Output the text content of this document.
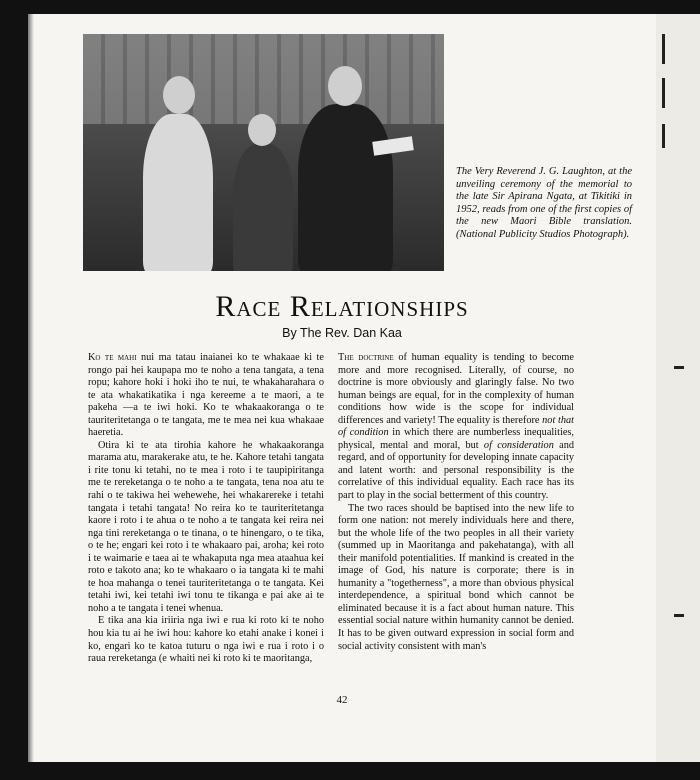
The Very Reverend J. G. Laughton, at the unveiling ceremony of the memorial to the late Sir Apirana Ngata, at Tikitiki in 1952, reads from one of the first copies of the new Maori Bible translation. (National Publicity Studios Photograph).
Race Relationships
By The Rev. Dan Kaa

Ko te mahi nui ma tatau inaianei ko te whakaae ki te rongo pai hei kaupapa mo te noho a tena tangata, a tena ropu; kahore hoki i hoki iho te nui, te whakaharahara o te ata whakatikatika i nga kereeme a te maori, a te pakeha —a te iwi hoki. Ko te whakaakoranga o te tauriteritetanga o te tangata, me te mea nei kua whakaae haeretia.

Otira ki te ata tirohia kahore he whakaakoranga marama atu, marakerake atu, te he. Kahore tetahi tangata i rite tonu ki tetahi, no te mea i roto i te taupipiritanga me te rereketanga o te noho a te tangata, tena noa atu te rahi o te takiwa hei wehewehe, hei whakarereke i tetahi tangata i tetahi tangata! No reira ko te tauriteritetanga kaore i roto i te ahua o te noho a te tangata kei reira nei nga tini rereketanga o te tinana, o te hinengaro, o te tika, o te he; engari kei roto i te whakaaro pai, aroha; kei roto i te waimarie e taea ai te whakaputa nga mea ataahua kei roto e takoto ana; ko te whakaaro o ia tangata ki te mahi te hoa mahanga o tenei tauriteritetanga o te tangata. Kei tetahi iwi, kei tetahi iwi tonu te tikanga e pai ake ai te noho a te tangata i tenei whenua.

E tika ana kia iriiria nga iwi e rua ki roto ki te noho hou kia tu ai he iwi hou: kahore ko etahi anake i konei i ko, engari ko te katoa tuturu o nga iwi e rua i roto i o raua rereketanga (e whaiti nei ki roto ki te maoritanga,

The doctrine of human equality is tending to become more and more recognised. Literally, of course, no doctrine is more obviously and glaringly false. No two human beings are equal, for in the complexity of human conditions how wide is the scope for individual differences and variety! The equality is therefore not that of condition in which there are numberless inequalities, physical, mental and moral, but of consideration and regard, and of opportunity for developing innate capacity and latent worth: and personal responsibility is the correlative of this individual equality. Each race has its part to play in the social betterment of this country.

The two races should be baptised into the new life to form one nation: not merely individuals here and there, but the whole life of the two peoples in all their variety (summed up in Maoritanga and pakehatanga), with all their manifold potentialities. If mankind is created in the image of God, his nature is corporate; there is in humanity a "togetherness", a more than obvious physical interdependence, a spiritual bond which cannot be eliminated because it is a fact about human nature. This essential social nature within humanity cannot be denied. It has to be given outward expression in social form and social activity consistent with man's

42
